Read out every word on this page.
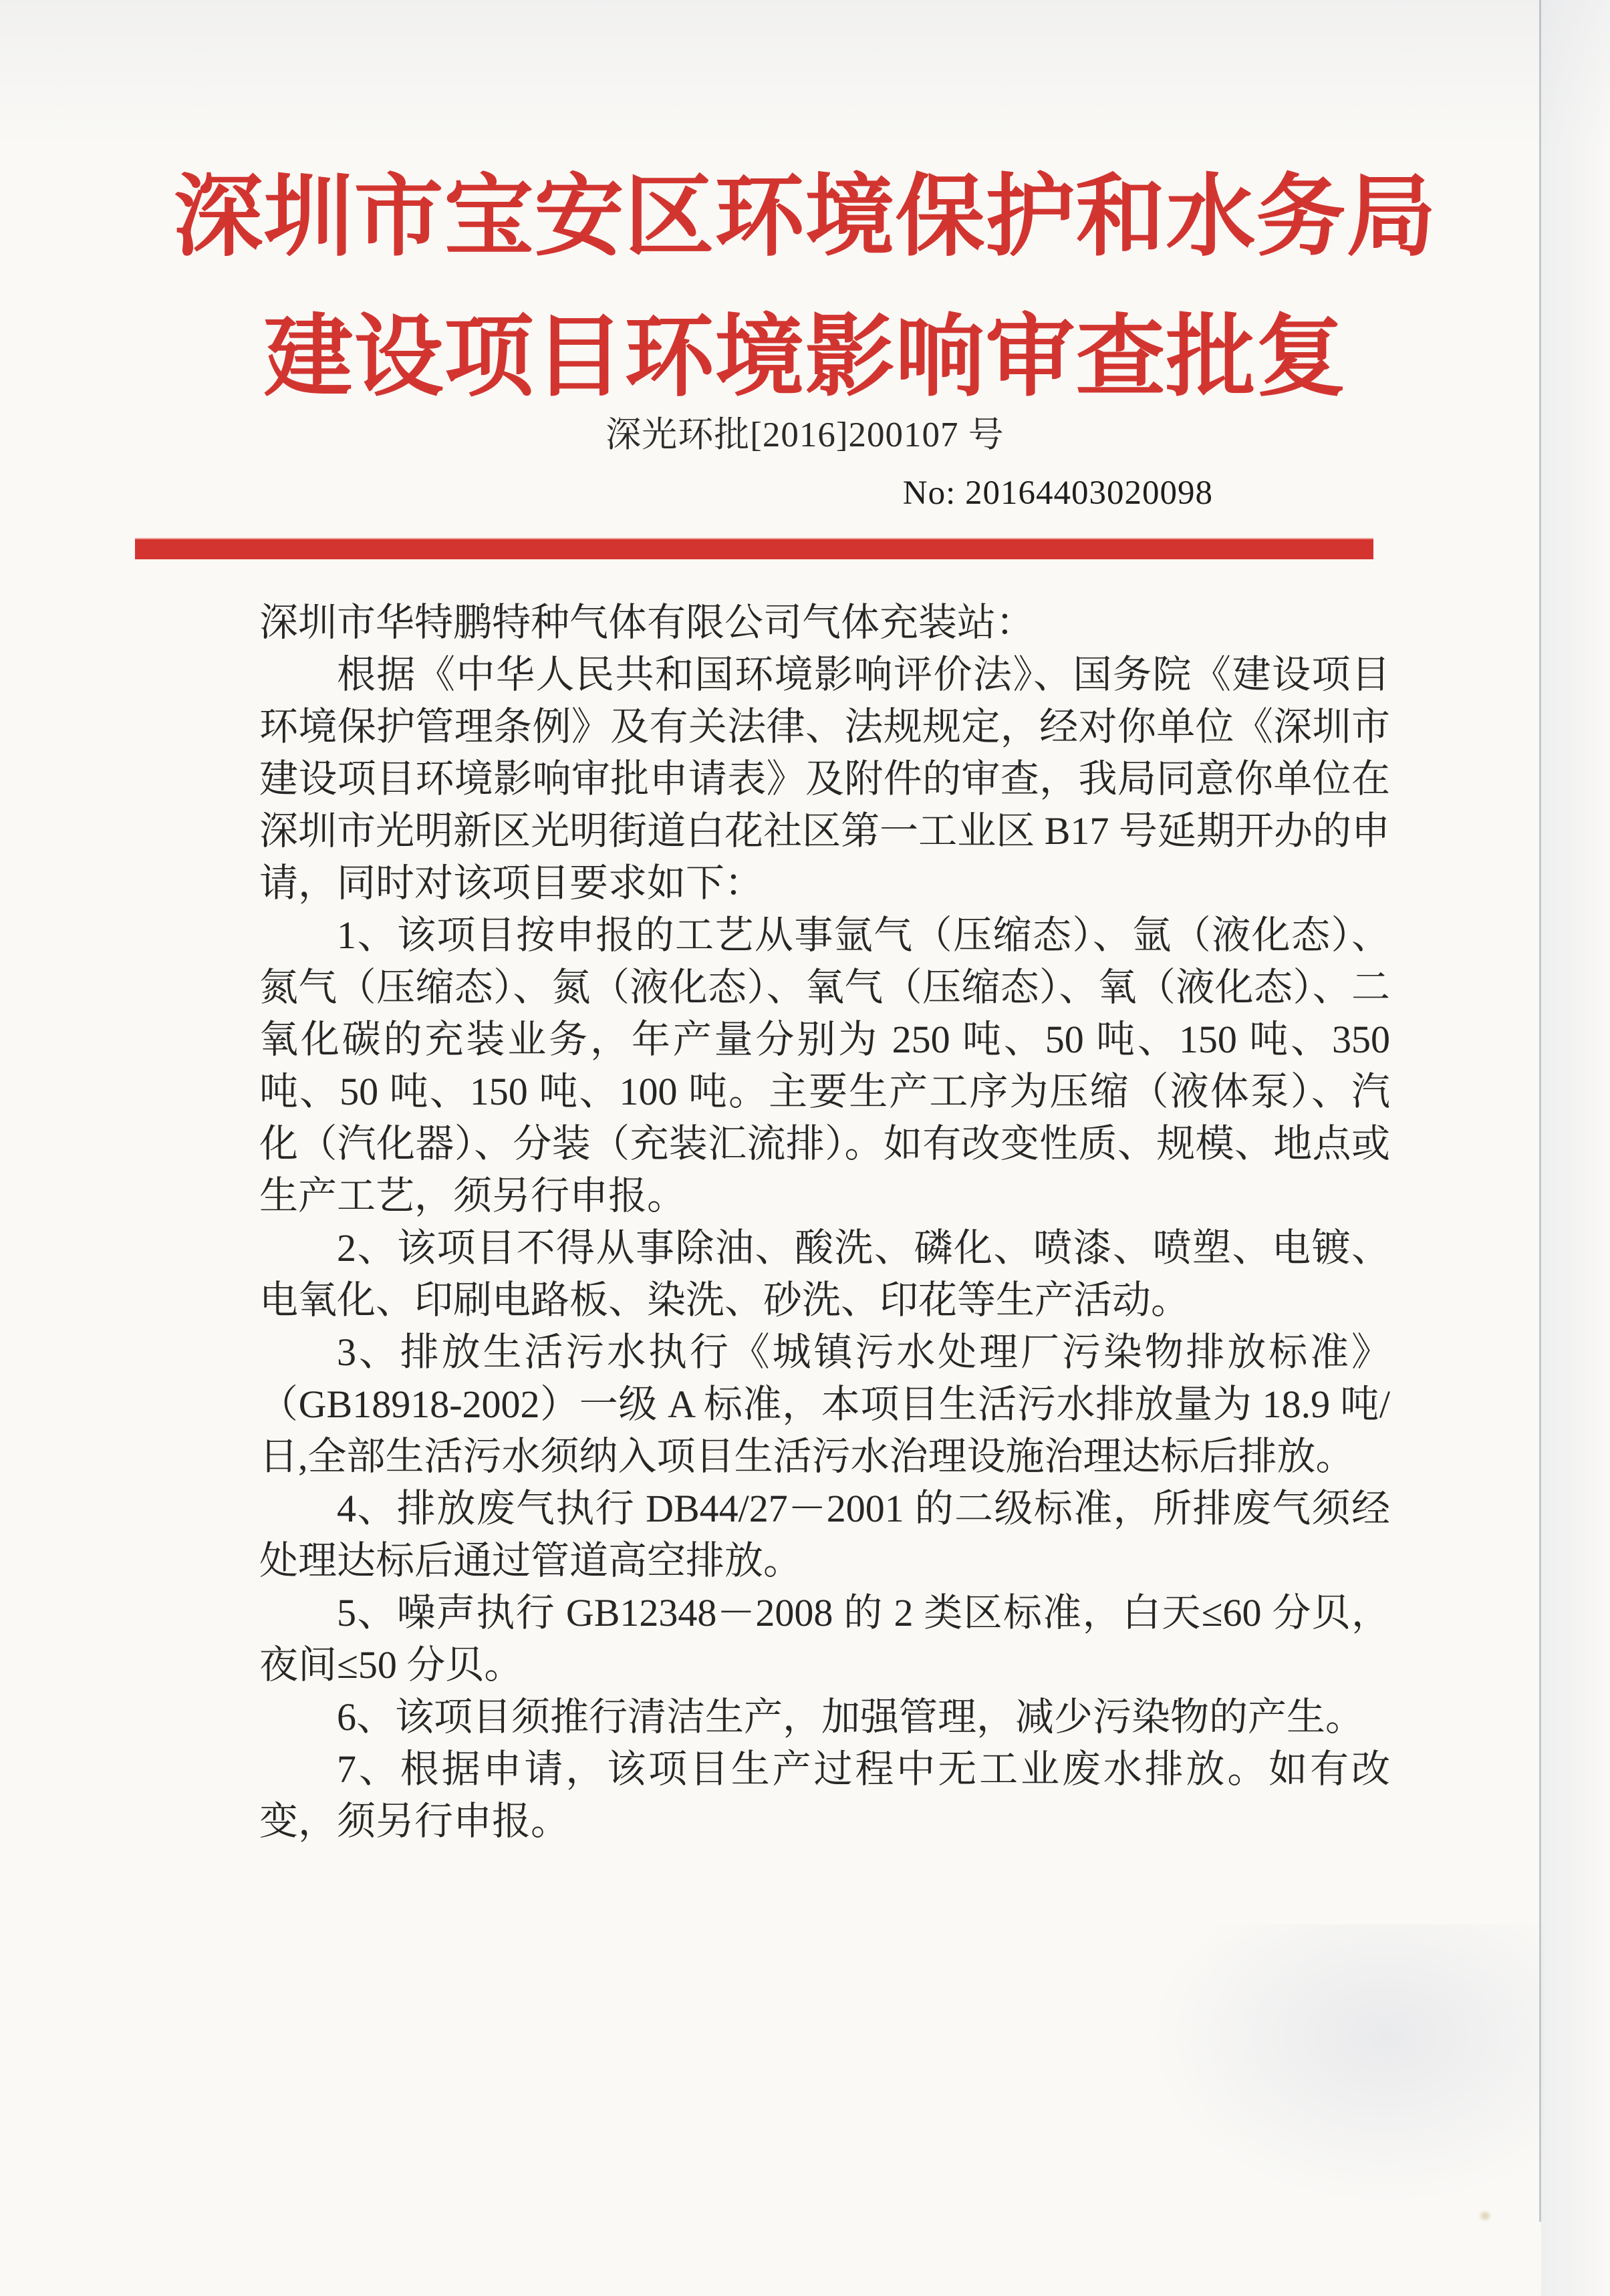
深圳市宝安区环境保护和水务局
建设项目环境影响审查批复
深光环批[2016]200107 号
No: 20164403020098

深圳市华特鹏特种气体有限公司气体充装站：

根据《中华人民共和国环境影响评价法》、国务院《建设项目环境保护管理条例》及有关法律、法规规定，经对你单位《深圳市建设项目环境影响审批申请表》及附件的审查，我局同意你单位在深圳市光明新区光明街道白花社区第一工业区 B17 号延期开办的申请，同时对该项目要求如下：

1、该项目按申报的工艺从事氩气（压缩态）、氩（液化态）、氮气（压缩态）、氮（液化态）、氧气（压缩态）、氧（液化态）、二氧化碳的充装业务，年产量分别为 250 吨、50 吨、150 吨、350 吨、50 吨、150 吨、100 吨。主要生产工序为压缩（液体泵）、汽化（汽化器）、分装（充装汇流排）。如有改变性质、规模、地点或生产工艺，须另行申报。

2、该项目不得从事除油、酸洗、磷化、喷漆、喷塑、电镀、电氧化、印刷电路板、染洗、砂洗、印花等生产活动。

3、排放生活污水执行《城镇污水处理厂污染物排放标准》（GB18918-2002）一级 A 标准，本项目生活污水排放量为 18.9 吨/日,全部生活污水须纳入项目生活污水治理设施治理达标后排放。

4、排放废气执行 DB44/27－2001 的二级标准，所排废气须经处理达标后通过管道高空排放。

5、噪声执行 GB12348－2008 的 2 类区标准，白天≤60 分贝，夜间≤50 分贝。

6、该项目须推行清洁生产，加强管理，减少污染物的产生。

7、根据申请，该项目生产过程中无工业废水排放。如有改变，须另行申报。
